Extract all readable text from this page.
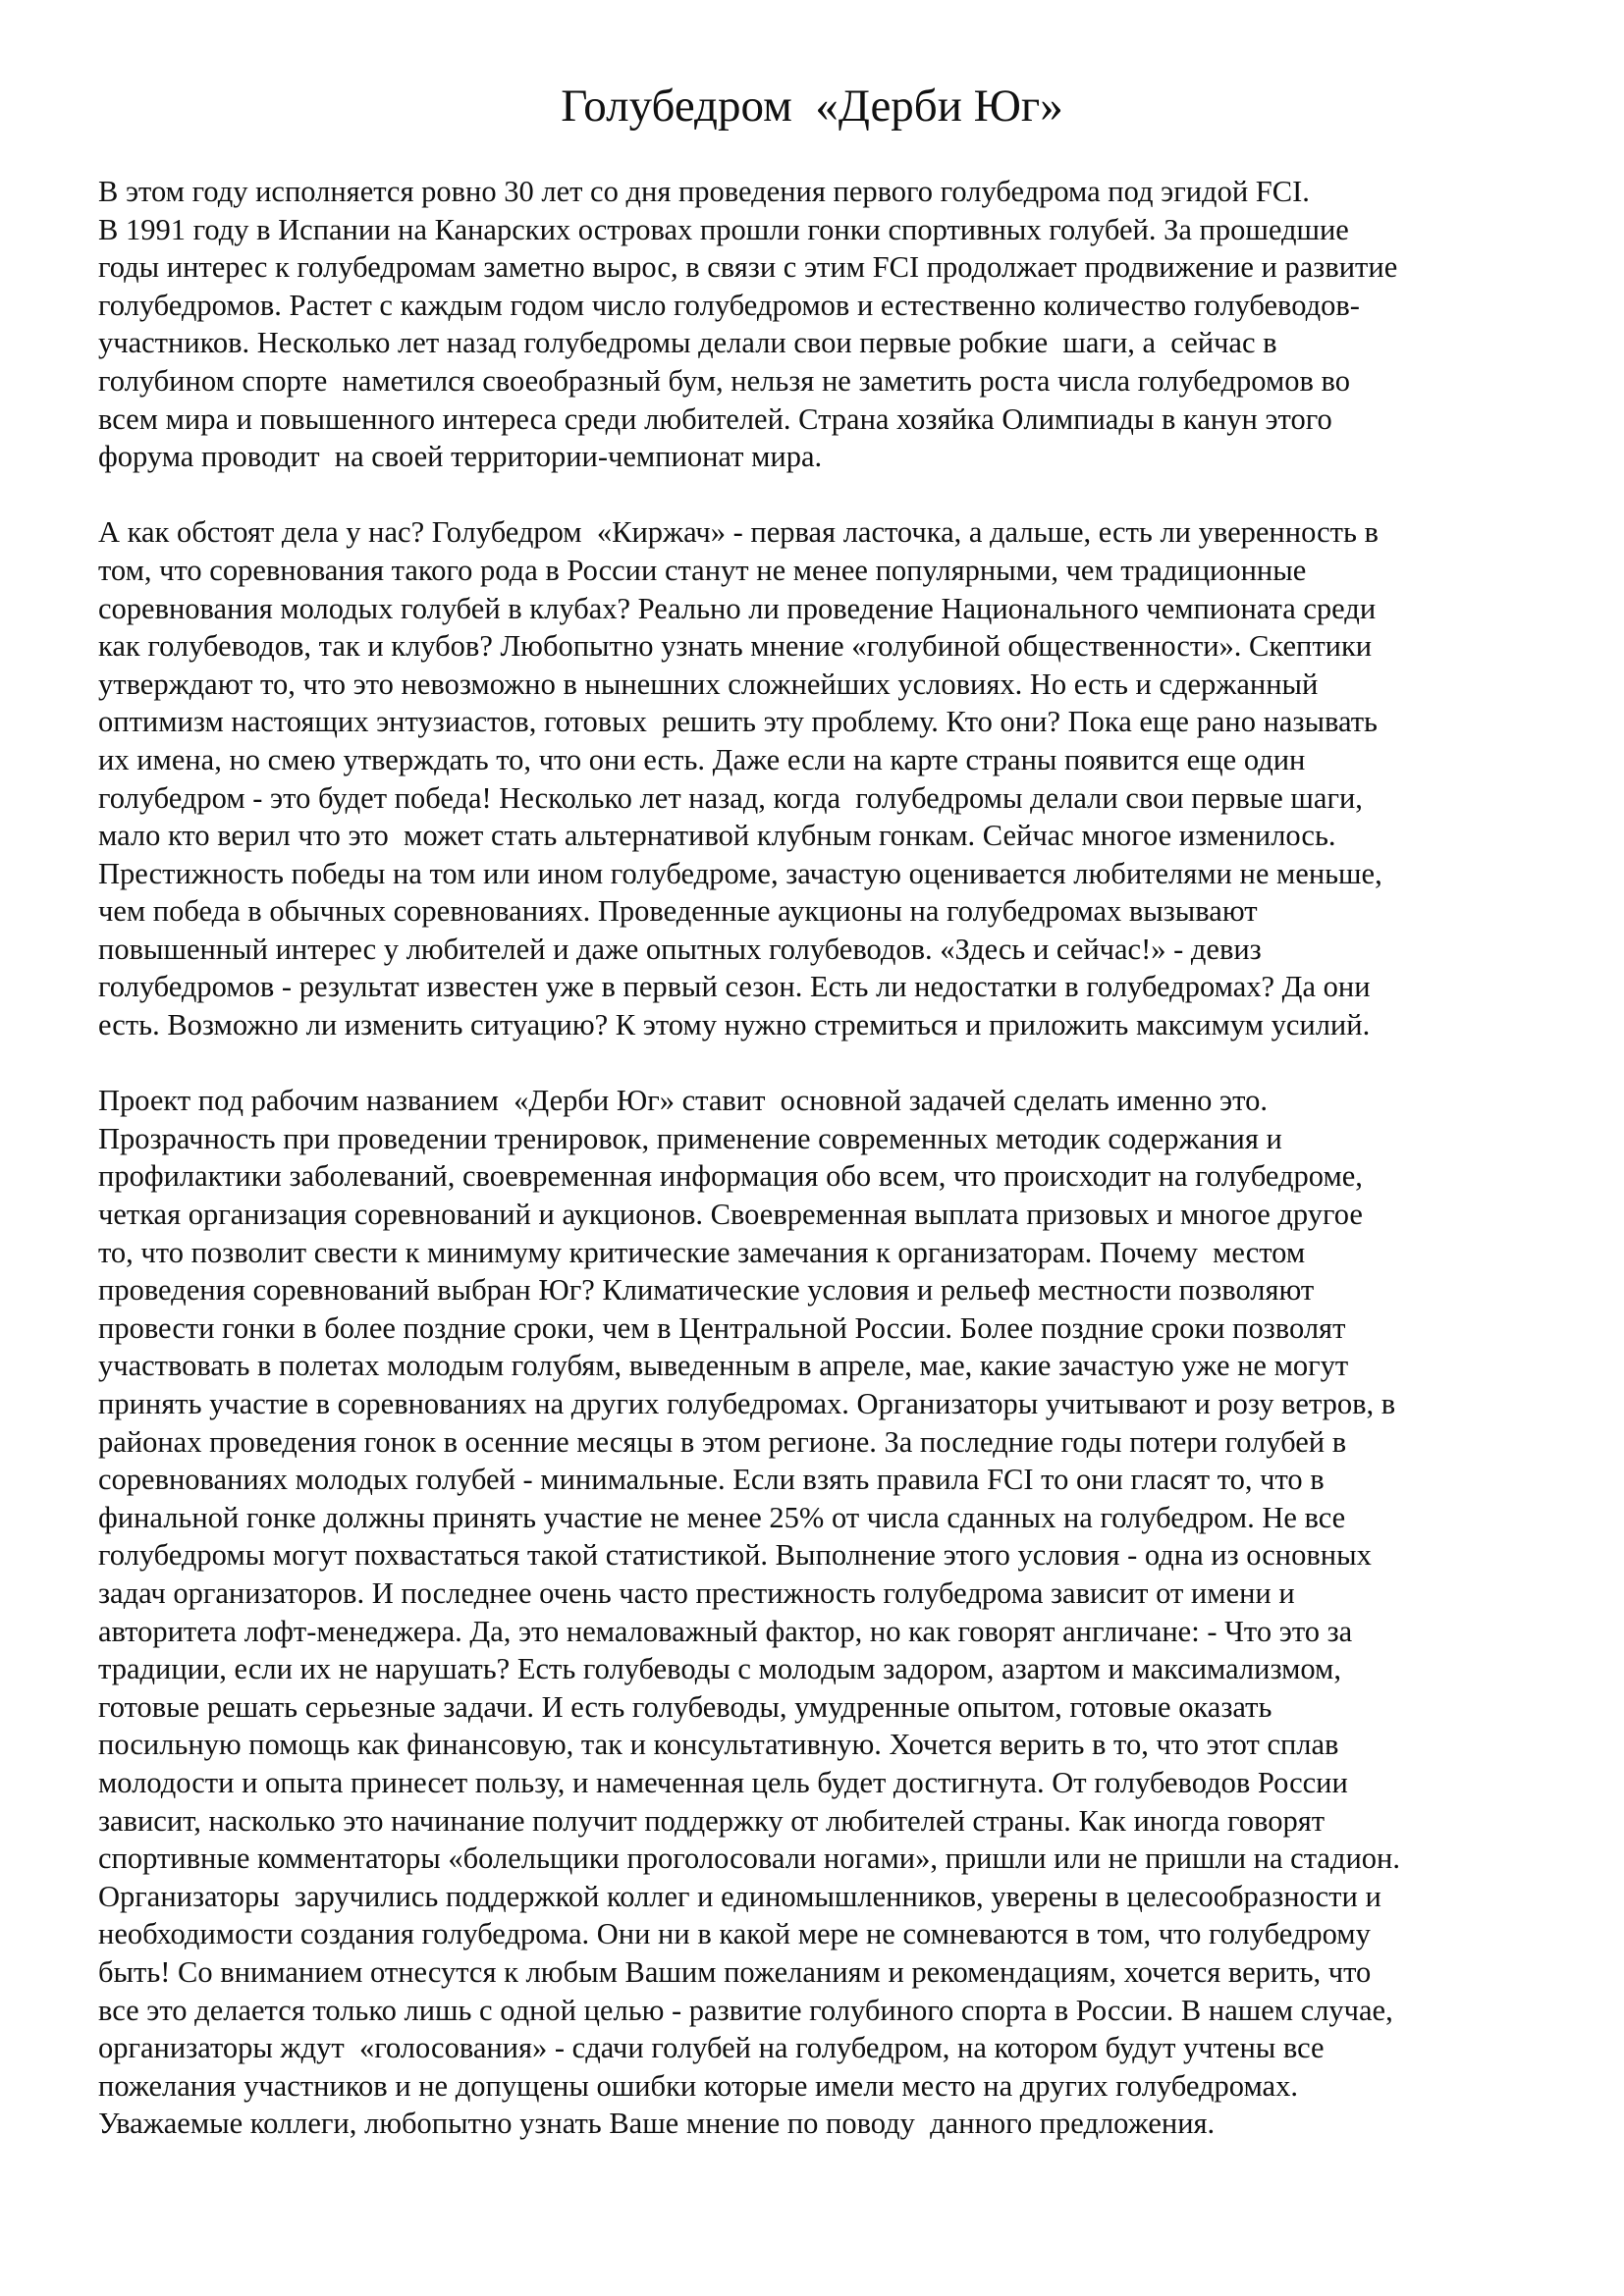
Голубедром  «Дерби Юг»
В этом году исполняется ровно 30 лет со дня проведения первого голубедрома под эгидой FCI.
В 1991 году в Испании на Канарских островах прошли гонки спортивных голубей. За прошедшие
годы интерес к голубедромам заметно вырос, в связи с этим FCI продолжает продвижение и развитие
голубедромов. Растет с каждым годом число голубедромов и естественно количество голубеводов-
участников. Несколько лет назад голубедромы делали свои первые робкие  шаги, а  сейчас в
голубином спорте  наметился своеобразный бум, нельзя не заметить роста числа голубедромов во
всем мира и повышенного интереса среди любителей. Страна хозяйка Олимпиады в канун этого
форума проводит  на своей территории-чемпионат мира.
А как обстоят дела у нас? Голубедром  «Киржач» - первая ласточка, а дальше, есть ли уверенность в
том, что соревнования такого рода в России станут не менее популярными, чем традиционные
соревнования молодых голубей в клубах? Реально ли проведение Национального чемпионата среди
как голубеводов, так и клубов? Любопытно узнать мнение «голубиной общественности». Скептики
утверждают то, что это невозможно в нынешних сложнейших условиях. Но есть и сдержанный
оптимизм настоящих энтузиастов, готовых  решить эту проблему. Кто они? Пока еще рано называть
их имена, но смею утверждать то, что они есть. Даже если на карте страны появится еще один
голубедром - это будет победа! Несколько лет назад, когда  голубедромы делали свои первые шаги,
мало кто верил что это  может стать альтернативой клубным гонкам. Сейчас многое изменилось.
Престижность победы на том или ином голубедроме, зачастую оценивается любителями не меньше,
чем победа в обычных соревнованиях. Проведенные аукционы на голубедромах вызывают
повышенный интерес у любителей и даже опытных голубеводов. «Здесь и сейчас!» - девиз
голубедромов - результат известен уже в первый сезон. Есть ли недостатки в голубедромах? Да они
есть. Возможно ли изменить ситуацию? К этому нужно стремиться и приложить максимум усилий.
Проект под рабочим названием  «Дерби Юг» ставит  основной задачей сделать именно это.
Прозрачность при проведении тренировок, применение современных методик содержания и
профилактики заболеваний, своевременная информация обо всем, что происходит на голубедроме,
четкая организация соревнований и аукционов. Своевременная выплата призовых и многое другое
то, что позволит свести к минимуму критические замечания к организаторам. Почему  местом
проведения соревнований выбран Юг? Климатические условия и рельеф местности позволяют
провести гонки в более поздние сроки, чем в Центральной России. Более поздние сроки позволят
участвовать в полетах молодым голубям, выведенным в апреле, мае, какие зачастую уже не могут
принять участие в соревнованиях на других голубедромах. Организаторы учитывают и розу ветров, в
районах проведения гонок в осенние месяцы в этом регионе. За последние годы потери голубей в
соревнованиях молодых голубей - минимальные. Если взять правила FCI то они гласят то, что в
финальной гонке должны принять участие не менее 25% от числа сданных на голубедром. Не все
голубедромы могут похвастаться такой статистикой. Выполнение этого условия - одна из основных
задач организаторов. И последнее очень часто престижность голубедрома зависит от имени и
авторитета лофт-менеджера. Да, это немаловажный фактор, но как говорят англичане: - Что это за
традиции, если их не нарушать? Есть голубеводы с молодым задором, азартом и максимализмом,
готовые решать серьезные задачи. И есть голубеводы, умудренные опытом, готовые оказать
посильную помощь как финансовую, так и консультативную. Хочется верить в то, что этот сплав
молодости и опыта принесет пользу, и намеченная цель будет достигнута. От голубеводов России
зависит, насколько это начинание получит поддержку от любителей страны. Как иногда говорят
спортивные комментаторы «болельщики проголосовали ногами», пришли или не пришли на стадион.
Организаторы  заручились поддержкой коллег и единомышленников, уверены в целесообразности и
необходимости создания голубедрома. Они ни в какой мере не сомневаются в том, что голубедрому
быть! Со вниманием отнесутся к любым Вашим пожеланиям и рекомендациям, хочется верить, что
все это делается только лишь с одной целью - развитие голубиного спорта в России. В нашем случае,
организаторы ждут  «голосования» - сдачи голубей на голубедром, на котором будут учтены все
пожелания участников и не допущены ошибки которые имели место на других голубедромах.
Уважаемые коллеги, любопытно узнать Ваше мнение по поводу  данного предложения.
